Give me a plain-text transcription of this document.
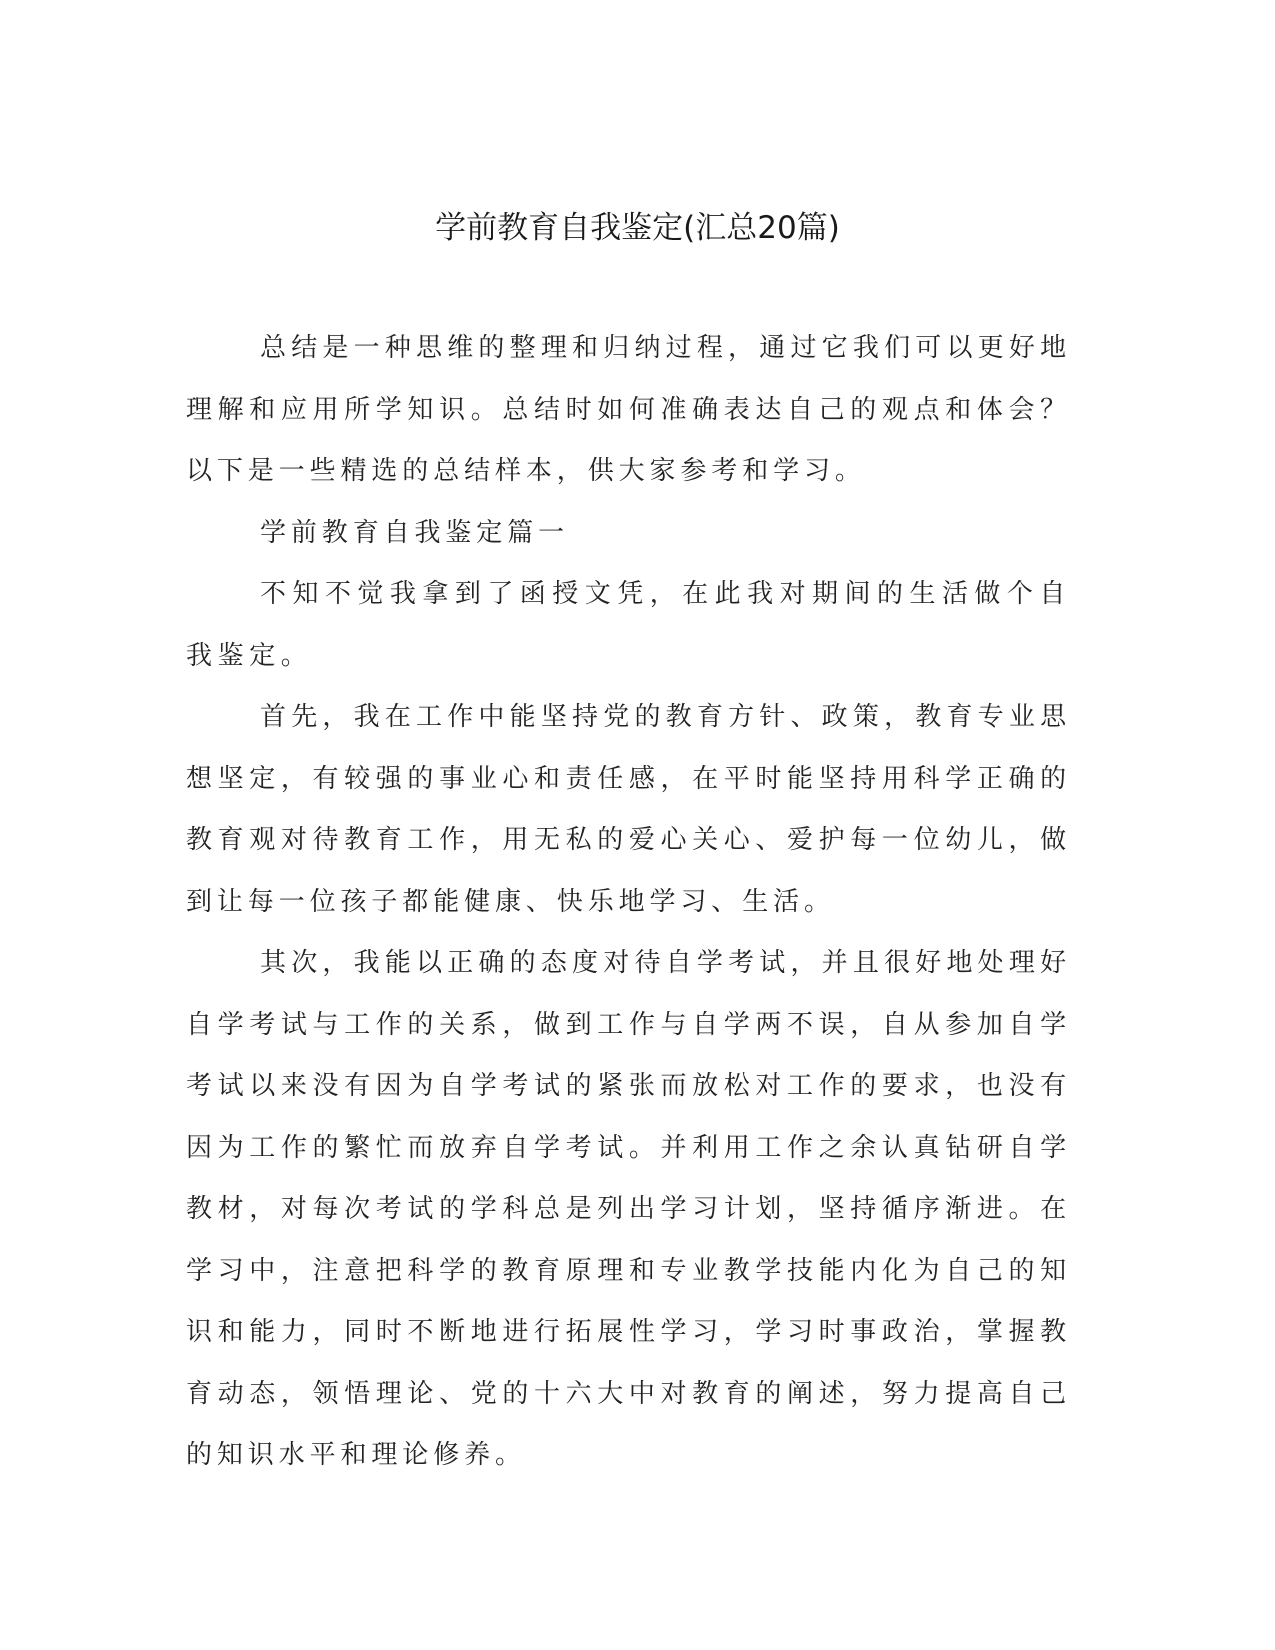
学前教育自我鉴定(汇总20篇)

总结是一种思维的整理和归纳过程，通过它我们可以更好地理解和应用所学知识。总结时如何准确表达自己的观点和体会？以下是一些精选的总结样本，供大家参考和学习。

学前教育自我鉴定篇一

不知不觉我拿到了函授文凭，在此我对期间的生活做个自我鉴定。

首先，我在工作中能坚持党的教育方针、政策，教育专业思想坚定，有较强的事业心和责任感，在平时能坚持用科学正确的教育观对待教育工作，用无私的爱心关心、爱护每一位幼儿，做到让每一位孩子都能健康、快乐地学习、生活。

其次，我能以正确的态度对待自学考试，并且很好地处理好自学考试与工作的关系，做到工作与自学两不误，自从参加自学考试以来没有因为自学考试的紧张而放松对工作的要求，也没有因为工作的繁忙而放弃自学考试。并利用工作之余认真钻研自学教材，对每次考试的学科总是列出学习计划，坚持循序渐进。在学习中，注意把科学的教育原理和专业教学技能内化为自己的知识和能力，同时不断地进行拓展性学习，学习时事政治，掌握教育动态，领悟理论、党的十六大中对教育的阐述，努力提高自己的知识水平和理论修养。
